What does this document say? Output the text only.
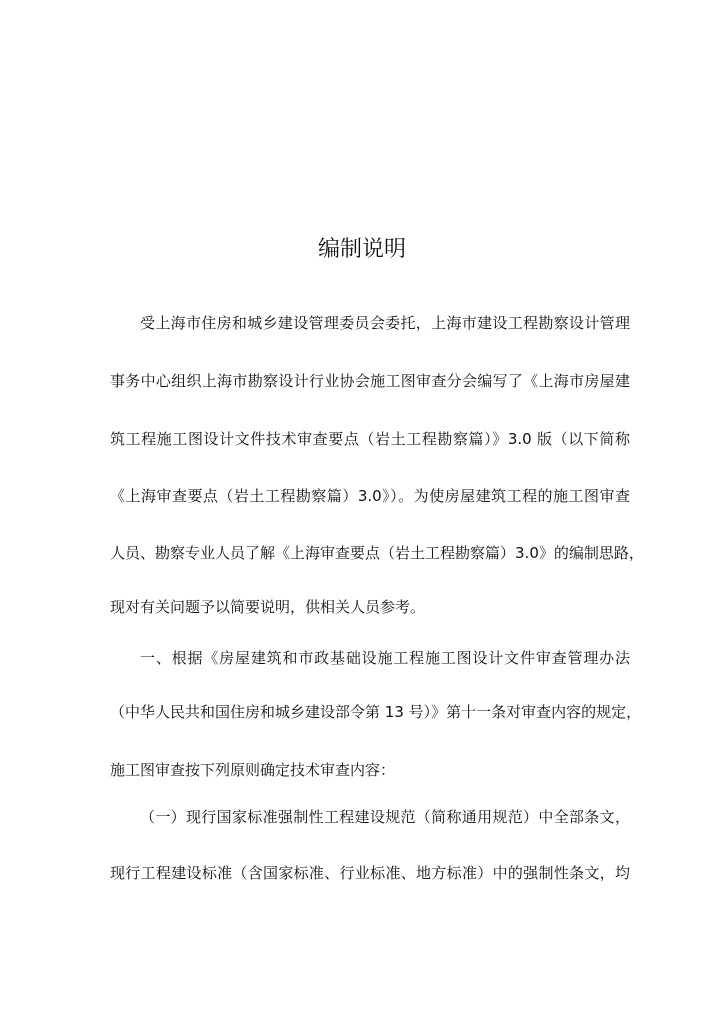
编制说明
受上海市住房和城乡建设管理委员会委托，上海市建设工程勘察设计管理
事务中心组织上海市勘察设计行业协会施工图审查分会编写了《上海市房屋建
筑工程施工图设计文件技术审查要点（岩土工程勘察篇）》3.0 版（以下简称
《上海审查要点（岩土工程勘察篇）3.0》）。为使房屋建筑工程的施工图审查
人员、勘察专业人员了解《上海审查要点（岩土工程勘察篇）3.0》的编制思路，
现对有关问题予以简要说明，供相关人员参考。
一、根据《房屋建筑和市政基础设施工程施工图设计文件审查管理办法
（中华人民共和国住房和城乡建设部令第 13 号）》第十一条对审查内容的规定，
施工图审查按下列原则确定技术审查内容：
（一）现行国家标准强制性工程建设规范（简称通用规范）中全部条文，
现行工程建设标准（含国家标准、行业标准、地方标准）中的强制性条文，均
